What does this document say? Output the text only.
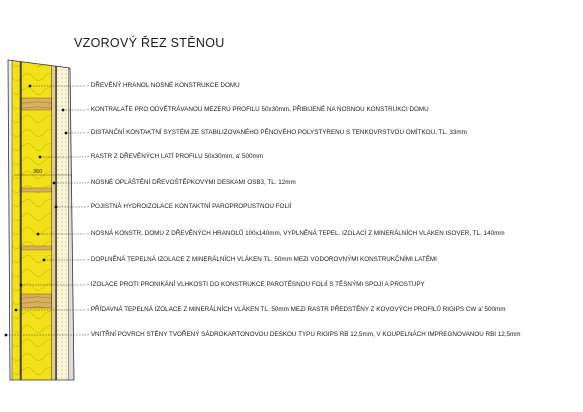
VZOROVÝ ŘEZ STĚNOU
360
- DŘEVĚNÝ HRANOL NOSNÉ KONSTRUKCE DOMU
- KONTRALAŤE PRO ODVĚTRÁVANOU MEZERU PROFILU 50x30mm, PŘIBIJENÉ NA NOSNOU KONSTRUKCI DOMU
- DISTANČNÍ KONTAKTNÍ SYSTÉM ZE STABILIZOVANÉHO PĚNOVÉHO POLYSTYRENU S TENKOVRSTVOU OMÍTKOU, TL. 33mm
- RASTR Z DŘEVĚNÝCH LATÍ PROFILU 50x30mm, a' 500mm
- NOSNÉ OPLÁŠTĚNÍ DŘEVOŠTĚPKOVÝMI DESKAMI OSB3, TL. 12mm
- POJISTNÁ HYDROIZOLACE KONTAKTNÍ PAROPROPUSTNOU FOLIÍ
- NOSNÁ KONSTR. DOMU Z DŘEVĚNÝCH HRANOLŮ 100x140mm, VYPLNĚNÁ TEPEL. IZOLACÍ Z MINERÁLNÍCH VLÁKEN ISOVER, TL. 140mm
- DOPLNĚNÁ TEPELNÁ IZOLACE Z MINERÁLNÍCH VLÁKEN TL. 50mm MEZI VODOROVNÝMI KONSTRUKČNÍMI LATĚMI
- IZOLACE PROTI PRONIKÁNÍ VLHKOSTI DO KONSTRUKCE PAROTĚSNOU FOLIÍ S TĚSNÝMI SPOJI A PROSTUPY
- PŘÍDAVNÁ TEPELNÁ IZOLACE Z MINERÁLNÍCH VLÁKEN TL. 50mm MEZI RASTR PŘEDSTĚNY Z KOVOVÝCH PROFILŮ RIGIPS CW a' 500mm
- VNITŘNÍ POVRCH STĚNY TVOŘENÝ SÁDROKARTONOVOU DESKOU TYPU RIGIPS RB 12,5mm, V KOUPELNÁCH IMPREGNOVANOU RBI 12,5mm
